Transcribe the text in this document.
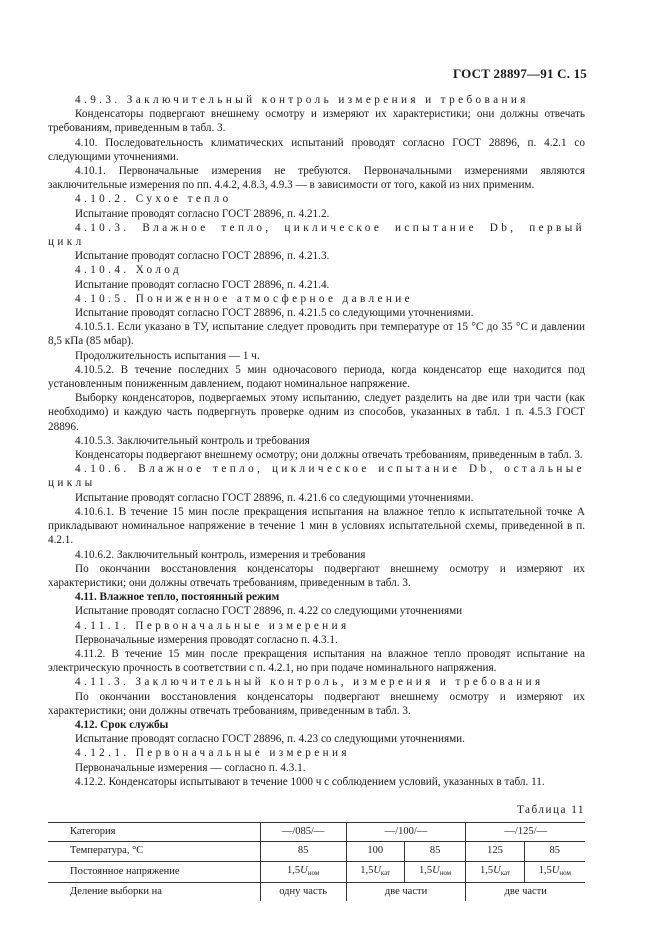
ГОСТ 28897—91 С. 15

4.9.3. Заключительный контроль измерения и требования

Конденсаторы подвергают внешнему осмотру и измеряют их характеристики; они должны отвечать требованиям, приведенным в табл. 3.

4.10. Последовательность климатических испытаний проводят согласно ГОСТ 28896, п. 4.2.1 со следующими уточнениями.

4.10.1. Первоначальные измерения не требуются. Первоначальными измерениями являются заключительные измерения по пп. 4.4.2, 4.8.3, 4.9.3 — в зависимости от того, какой из них применим.

4.10.2. Сухое тепло

Испытание проводят согласно ГОСТ 28896, п. 4.21.2.

4.10.3. Влажное тепло, циклическое испытание Db, первый цикл

Испытание проводят согласно ГОСТ 28896, п. 4.21.3.

4.10.4. Холод

Испытание проводят согласно ГОСТ 28896, п. 4.21.4.

4.10.5. Пониженное атмосферное давление

Испытание проводят согласно ГОСТ 28896, п. 4.21.5 со следующими уточнениями.

4.10.5.1. Если указано в ТУ, испытание следует проводить при температуре от 15 °С до 35 °С и давлении 8,5 кПа (85 мбар).

Продолжительность испытания — 1 ч.

4.10.5.2. В течение последних 5 мин одночасового периода, когда конденсатор еще находится под установленным пониженным давлением, подают номинальное напряжение.

Выборку конденсаторов, подвергаемых этому испытанию, следует разделить на две или три части (как необходимо) и каждую часть подвергнуть проверке одним из способов, указанных в табл. 1 п. 4.5.3 ГОСТ 28896.

4.10.5.3. Заключительный контроль и требования

Конденсаторы подвергают внешнему осмотру; они должны отвечать требованиям, приведенным в табл. 3.

4.10.6. Влажное тепло, циклическое испытание Db, остальные циклы

Испытание проводят согласно ГОСТ 28896, п. 4.21.6 со следующими уточнениями.

4.10.6.1. В течение 15 мин после прекращения испытания на влажное тепло к испытательной точке А прикладывают номинальное напряжение в течение 1 мин в условиях испытательной схемы, приведенной в п. 4.2.1.

4.10.6.2. Заключительный контроль, измерения и требования

По окончании восстановления конденсаторы подвергают внешнему осмотру и измеряют их характеристики; они должны отвечать требованиям, приведенным в табл. 3.

4.11. Влажное тепло, постоянный режим

Испытание проводят согласно ГОСТ 28896, п. 4.22 со следующими уточнениями

4.11.1. Первоначальные измерения

Первоначальные измерения проводят согласно п. 4.3.1.

4.11.2. В течение 15 мин после прекращения испытания на влажное тепло проводят испытание на электрическую прочность в соответствии с п. 4.2.1, но при подаче номинального напряжения.

4.11.3. Заключительный контроль, измерения и требования

По окончании восстановления конденсаторы подвергают внешнему осмотру и измеряют их характеристики; они должны отвечать требованиям, приведенным в табл. 3.

4.12. Срок службы

Испытание проводят согласно ГОСТ 28896, п. 4.23 со следующими уточнениями.

4.12.1. Первоначальные измерения

Первоначальные измерения — согласно п. 4.3.1.

4.12.2. Конденсаторы испытывают в течение 1000 ч с соблюдением условий, указанных в табл. 11.

Таблица 11
Категория	—/085/—	—/100/—		—/125/—	
Температура, °С	85	100	85	125	85
Постоянное напряжение	$1,5U_{ном}$	$1,5U_{кат}$	$1,5U_{ном}$	$1,5U_{кат}$	$1,5U_{ном}$
Деление выборки на	одну часть	две части		две части	
